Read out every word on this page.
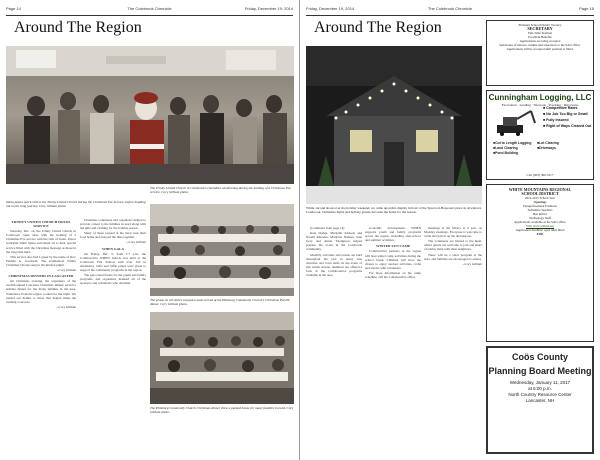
Page 14	The Colebrook Chronicle	Friday, December 19, 2014
Around The Region
The Trinity United Church in Colebrook's committee all dressing during the holding of a Christmas Eve service. Cory Gilliam photo.
Santa paid a quick visit to the Trinity United Church during the Christmas Eve Service, before heading out on his long journey. Cory Gilliam photo.
TRINITY UNITED CHURCH HOLDS SERVICE

Saturday, Dec. 14, the Trinity United Church in Colebrook came alive with the holding of a Christmas Eve service with the visit of Santa. Pastor Gabrielle Dunn Spina welcomed all to their special service filled with the Christmas message as those in the long time held.

This service also had a guest by the name of Rev. Pauline G. Goodwin. The ecumenical Trinity Christmas Chorus sang in the kitchen pulpit.

--Cory Gilliam

CHRISTMAS DINNERS IN LANCASTER

On Christmas evening, the organizers of the twelfth annual Lancaster Christmas Dinner served a holiday dinner for the many families in the area. Volunteers from the region cooked for the night. We extend our thanks to those that helped make the evening a success.

--Cory Gilliam

Christmas volunteers and organizers helped to provide a meal to the families in need along with the gifts and clothing for the holiday season.

Many of those present at the meal took their food home and enjoyed the time together.

--Cory Gilliam

WHEN GALA

On Friday, Dec. 5, from 5-7 p.m., the Collaborative WHEN GALA was held at the Colebrook Fire Station with over 150 in attendance. Gifts and raffle prizes were given to support the community programs in the region.

The gala raised funds for the youth and family programs, and organizers thanked all of the sponsors and volunteers who attended.

The group on all smiles enjoyed a meal served at the Pittsburg Community Church's Christmas Pot Pie dinner. Cory Gilliam photo.
The Pittsburg Community Church Christmas dinner drew a packed house for many families in need. Cory Gilliam photo.
Friday, December 19, 2014	The Colebrook Chronicle	Page 15
Around The Region
While out and about over the holiday weekend, we came upon this display in front of the Sprecrod-Hopsons's place in downtown Colebrook. Christmas lights and holiday greens decorate the home for the season.

(Continued from page 14)

Kate Dodge, Michelle Johnson and Naomi Rhoades, Margaret Nadeau, Jane Gray and Annie Thompson helped prepare the event in the Colebrook community.

Monthly activities and events are held throughout the year in many area churches and town halls. In the event of this winter season, members are offered a look at the Collaborative programs available in the area.

economic development. WHEN supports youth and family programs across the region, including after-school and summer activities.

WINTER FUN CAMP

Collaborative partners in the region will host winter camp activities during the school break. Children will have the chance to enjoy outdoor activities, crafts and snacks with volunteers.

For more information on the camp schedule, call the Collaborative office.

meetings at the library at 6 p.m. on Monday evenings. Everyone is welcome to come and join in on the discussions.

The volunteers are invited to the meal, where guests are welcome to join and share a holiday meal with their neighbors.

There will be a short program at the start, and families are encouraged to attend.

--Cory Gilliam

Pittsburg School District Vacancy
SECRETARY
Full-Time Position
Excellent Benefits
Applications are being accepted
Send letter of interest, resume and references to the SAU office.
Applications will be accepted until position is filled.
Cunningham Logging, LLC
Excavation · Grading · Sitework · Trucking · Driveways
■ Competitive Rates
■ No Job Too Big or Small
■ Fully Insured
■ Right of Ways Cleared Out
■ Cut to Length Logging
■ Land Clearing
■ Pond Building
■ Lot Clearing
■ Driveways
Call (603) 399-5517
WHITE MOUNTAINS REGIONAL
SCHOOL DISTRICT
2014-2015 School Year
Openings
Paraprofessional Positions
Substitute Teachers
Bus Driver
Technology Staff
Applications available at the SAU office
Visit www.wmrsd.org
Application deadline: open until filled
EOE
Coös County
Planning Board Meeting
Wednesday, January 11, 2017
at 6:00 p.m.
North Country Resource Center
Lancaster, NH
